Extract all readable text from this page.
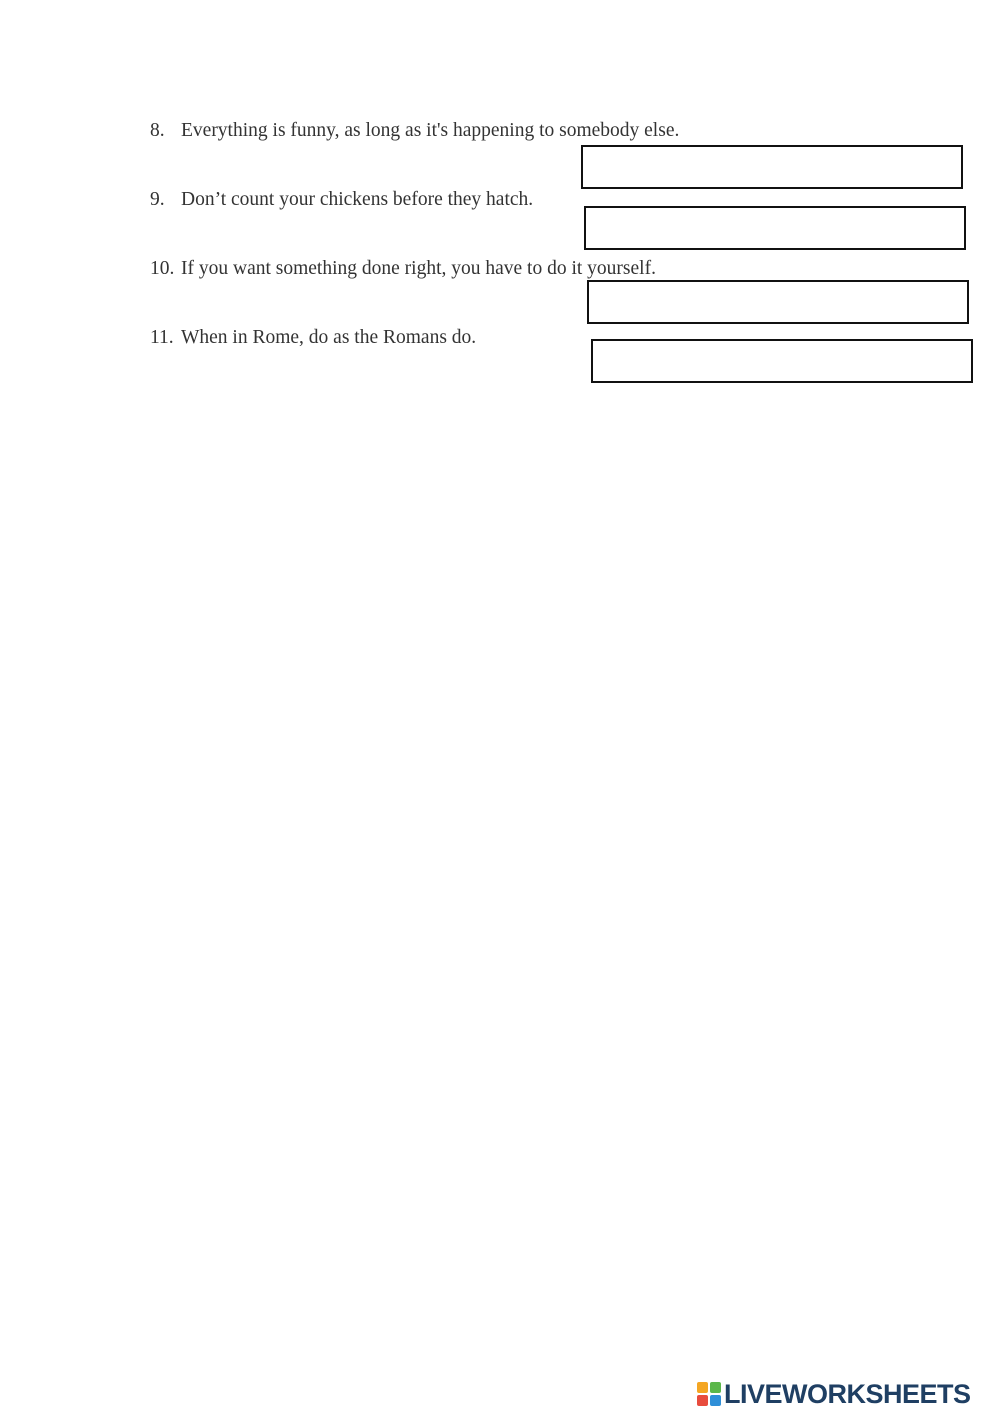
8. Everything is funny, as long as it's happening to somebody else.
9. Don’t count your chickens before they hatch.
10. If you want something done right, you have to do it yourself.
11. When in Rome, do as the Romans do.
LIVEWORKSHEETS
